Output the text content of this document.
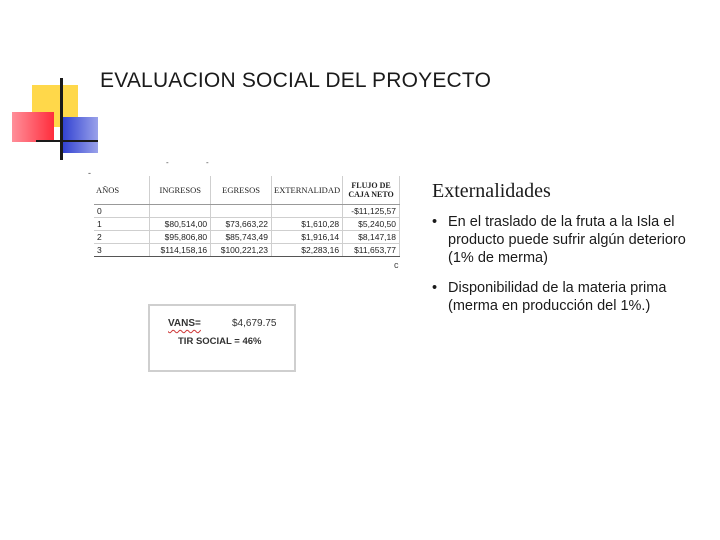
EVALUACION SOCIAL DEL PROYECTO
-
-	-
c
AÑOS	INGRESOS	EGRESOS	EXTERNALIDAD	FLUJO DE CAJA NETO
0				-$11,125,57
1	$80,514,00	$73,663,22	$1,610,28	$5,240,50
2	$95,806,80	$85,743,49	$1,916,14	$8,147,18
3	$114,158,16	$100,221,23	$2,283,16	$11,653,77
VANS=	$4,679.75
TIR SOCIAL = 46%
Externalidades
• En el traslado de la fruta a la Isla el producto puede sufrir algún deterioro (1% de merma)
• Disponibilidad de la materia prima (merma en producción del 1%.)
